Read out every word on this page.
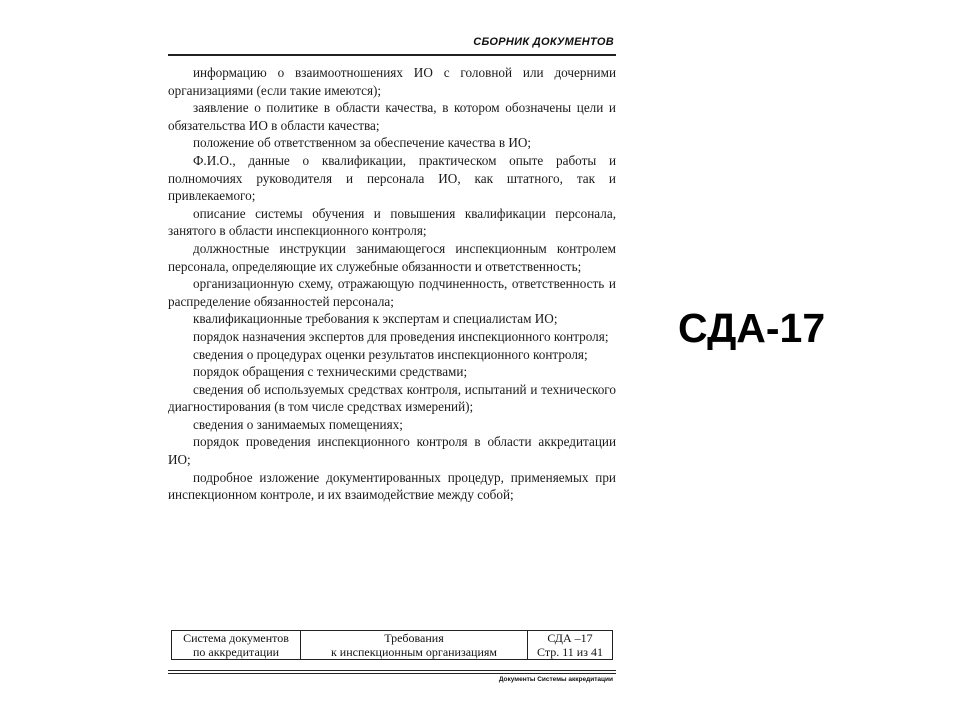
СБОРНИК ДОКУМЕНТОВ

информацию о взаимоотношениях ИО с головной или дочерними организациями (если такие имеются);

заявление о политике в области качества, в котором обозначены цели и обязательства ИО в области качества;

положение об ответственном за обеспечение качества в ИО;

Ф.И.О., данные о квалификации, практическом опыте работы и полномочиях руководителя и персонала ИО, как штатного, так и привлекаемого;

описание системы обучения и повышения квалификации персонала, занятого в области инспекционного контроля;

должностные инструкции занимающегося инспекционным контролем персонала, определяющие их служебные обязанности и ответственность;

организационную схему, отражающую подчиненность, ответственность и распределение обязанностей персонала;

квалификационные требования к экспертам и специалистам ИО;

порядок назначения экспертов для проведения инспекционного контроля;

сведения о процедурах оценки результатов инспекционного контроля;

порядок обращения с техническими средствами;

сведения об используемых средствах контроля, испытаний и технического диагностирования (в том числе средствах измерений);

сведения о занимаемых помещениях;

порядок проведения инспекционного контроля в области аккредитации ИО;

подробное изложение документированных процедур, применяемых при инспекционном контроле, и их взаимодействие между собой;

Система документов
по аккредитации

Требования
к инспекционным организациям

СДА –17
Стр. 11 из 41
Документы Системы аккредитации
СДА-17
